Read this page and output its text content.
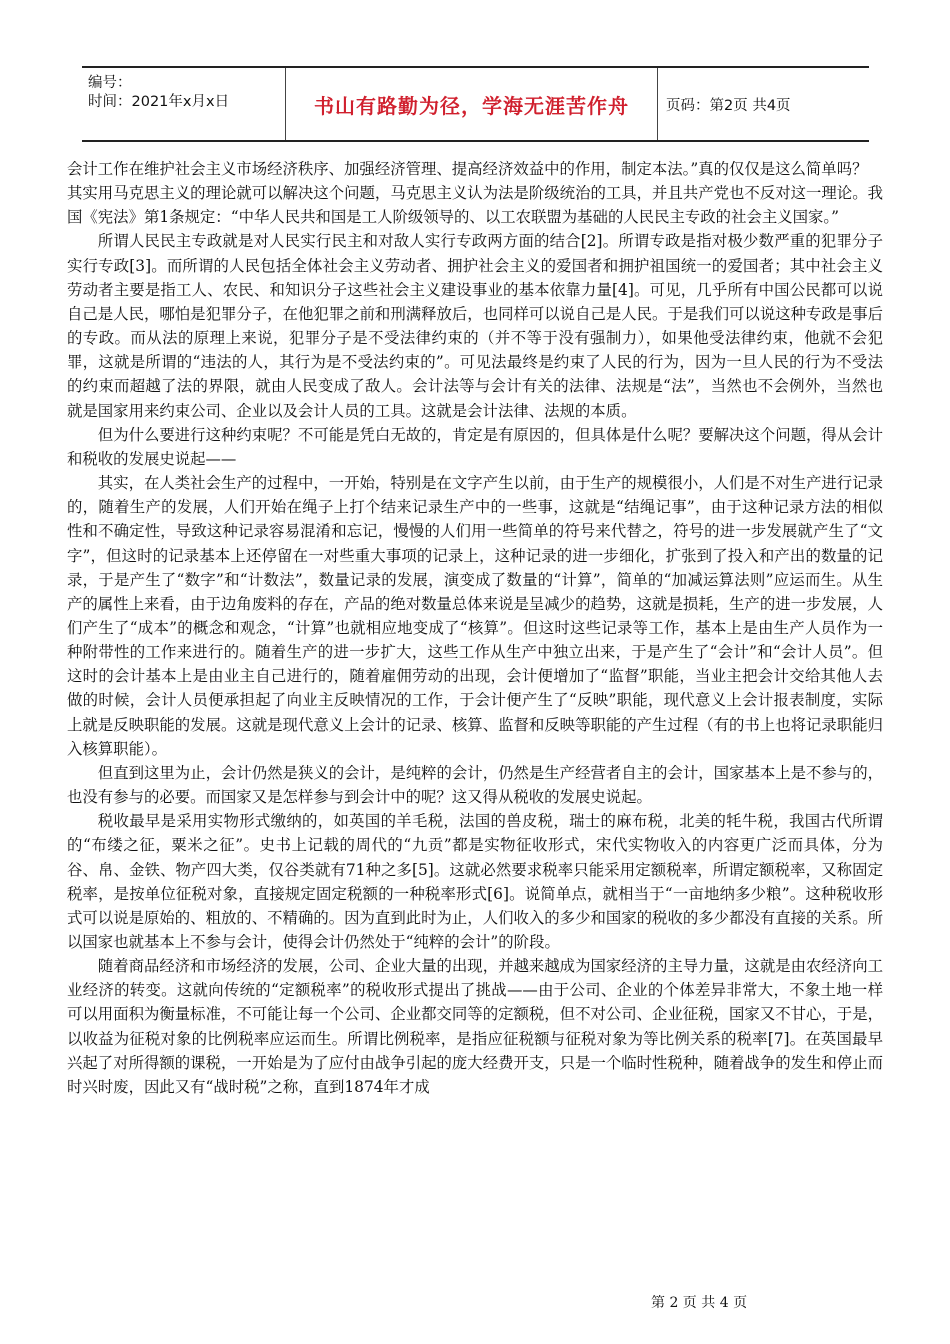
编号：
时间：2021年x月x日	书山有路勤为径，学海无涯苦作舟	页码：第2页 共4页

会计工作在维护社会主义市场经济秩序、加强经济管理、提高经济效益中的作用，制定本法。”真的仅仅是这么简单吗？

其实用马克思主义的理论就可以解决这个问题，马克思主义认为法是阶级统治的工具，并且共产党也不反对这一理论。我国《宪法》第1条规定：“中华人民共和国是工人阶级领导的、以工农联盟为基础的人民民主专政的社会主义国家。”

所谓人民民主专政就是对人民实行民主和对敌人实行专政两方面的结合[2]。所谓专政是指对极少数严重的犯罪分子实行专政[3]。而所谓的人民包括全体社会主义劳动者、拥护社会主义的爱国者和拥护祖国统一的爱国者；其中社会主义劳动者主要是指工人、农民、和知识分子这些社会主义建设事业的基本依靠力量[4]。可见，几乎所有中国公民都可以说自己是人民，哪怕是犯罪分子，在他犯罪之前和刑满释放后，也同样可以说自己是人民。于是我们可以说这种专政是事后的专政。而从法的原理上来说，犯罪分子是不受法律约束的（并不等于没有强制力），如果他受法律约束，他就不会犯罪，这就是所谓的“违法的人，其行为是不受法约束的”。可见法最终是约束了人民的行为，因为一旦人民的行为不受法的约束而超越了法的界限，就由人民变成了敌人。会计法等与会计有关的法律、法规是“法”，当然也不会例外，当然也就是国家用来约束公司、企业以及会计人员的工具。这就是会计法律、法规的本质。

但为什么要进行这种约束呢？不可能是凭白无故的，肯定是有原因的，但具体是什么呢？要解决这个问题，得从会计和税收的发展史说起——

其实，在人类社会生产的过程中，一开始，特别是在文字产生以前，由于生产的规模很小，人们是不对生产进行记录的，随着生产的发展，人们开始在绳子上打个结来记录生产中的一些事，这就是“结绳记事”，由于这种记录方法的相似性和不确定性，导致这种记录容易混淆和忘记，慢慢的人们用一些简单的符号来代替之，符号的进一步发展就产生了“文字”，但这时的记录基本上还停留在一对些重大事项的记录上，这种记录的进一步细化，扩张到了投入和产出的数量的记录，于是产生了“数字”和“计数法”，数量记录的发展，演变成了数量的“计算”，简单的“加减运算法则”应运而生。从生产的属性上来看，由于边角废料的存在，产品的绝对数量总体来说是呈减少的趋势，这就是损耗，生产的进一步发展，人们产生了“成本”的概念和观念，“计算”也就相应地变成了“核算”。但这时这些记录等工作，基本上是由生产人员作为一种附带性的工作来进行的。随着生产的进一步扩大，这些工作从生产中独立出来，于是产生了“会计”和“会计人员”。但这时的会计基本上是由业主自己进行的，随着雇佣劳动的出现，会计便增加了“监督”职能，当业主把会计交给其他人去做的时候，会计人员便承担起了向业主反映情况的工作，于会计便产生了“反映”职能，现代意义上会计报表制度，实际上就是反映职能的发展。这就是现代意义上会计的记录、核算、监督和反映等职能的产生过程（有的书上也将记录职能归入核算职能）。

但直到这里为止，会计仍然是狭义的会计，是纯粹的会计，仍然是生产经营者自主的会计，国家基本上是不参与的，也没有参与的必要。而国家又是怎样参与到会计中的呢？这又得从税收的发展史说起。

税收最早是采用实物形式缴纳的，如英国的羊毛税，法国的兽皮税，瑞士的麻布税，北美的牦牛税，我国古代所谓的“布缕之征，粟米之征”。史书上记载的周代的“九贡”都是实物征收形式，宋代实物收入的内容更广泛而具体，分为谷、帛、金铁、物产四大类，仅谷类就有71种之多[5]。这就必然要求税率只能采用定额税率，所谓定额税率，又称固定税率，是按单位征税对象，直接规定固定税额的一种税率形式[6]。说简单点，就相当于“一亩地纳多少粮”。这种税收形式可以说是原始的、粗放的、不精确的。因为直到此时为止，人们收入的多少和国家的税收的多少都没有直接的关系。所以国家也就基本上不参与会计，使得会计仍然处于“纯粹的会计”的阶段。

随着商品经济和市场经济的发展，公司、企业大量的出现，并越来越成为国家经济的主导力量，这就是由农经济向工业经济的转变。这就向传统的“定额税率”的税收形式提出了挑战——由于公司、企业的个体差异非常大，不象土地一样可以用面积为衡量标准，不可能让每一个公司、企业都交同等的定额税，但不对公司、企业征税，国家又不甘心，于是，以收益为征税对象的比例税率应运而生。所谓比例税率，是指应征税额与征税对象为等比例关系的税率[7]。在英国最早兴起了对所得额的课税，一开始是为了应付由战争引起的庞大经费开支，只是一个临时性税种，随着战争的发生和停止而时兴时废，因此又有“战时税”之称，直到1874年才成

第 2 页 共 4 页
